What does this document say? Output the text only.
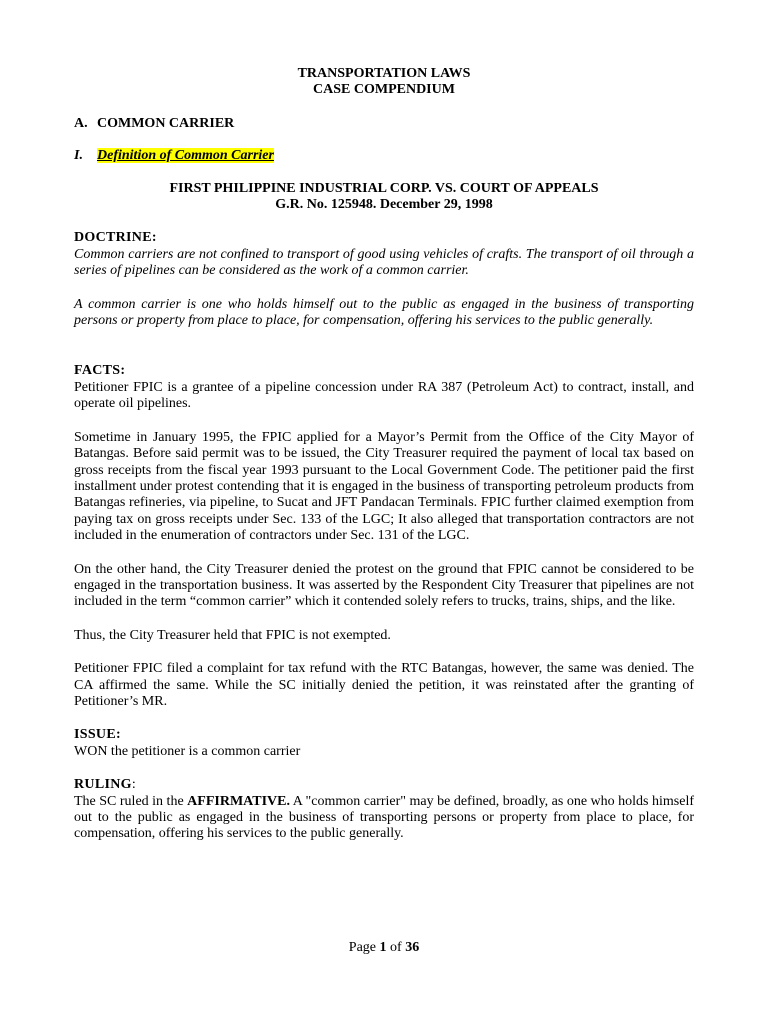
TRANSPORTATION LAWS

CASE COMPENDIUM

A. COMMON CARRIER

I. Definition of Common Carrier

FIRST PHILIPPINE INDUSTRIAL CORP. VS. COURT OF APPEALS

G.R. No. 125948. December 29, 1998

DOCTRINE:

Common carriers are not confined to transport of good using vehicles of crafts. The transport of oil through a series of pipelines can be considered as the work of a common carrier.

A common carrier is one who holds himself out to the public as engaged in the business of transporting persons or property from place to place, for compensation, offering his services to the public generally.

FACTS:

Petitioner FPIC is a grantee of a pipeline concession under RA 387 (Petroleum Act) to contract, install, and operate oil pipelines.

Sometime in January 1995, the FPIC applied for a Mayor’s Permit from the Office of the City Mayor of Batangas. Before said permit was to be issued, the City Treasurer required the payment of local tax based on gross receipts from the fiscal year 1993 pursuant to the Local Government Code. The petitioner paid the first installment under protest contending that it is engaged in the business of transporting petroleum products from Batangas refineries, via pipeline, to Sucat and JFT Pandacan Terminals. FPIC further claimed exemption from paying tax on gross receipts under Sec. 133 of the LGC; It also alleged that transportation contractors are not included in the enumeration of contractors under Sec. 131 of the LGC.

On the other hand, the City Treasurer denied the protest on the ground that FPIC cannot be considered to be engaged in the transportation business. It was asserted by the Respondent City Treasurer that pipelines are not included in the term “common carrier” which it contended solely refers to trucks, trains, ships, and the like.

Thus, the City Treasurer held that FPIC is not exempted.

Petitioner FPIC filed a complaint for tax refund with the RTC Batangas, however, the same was denied. The CA affirmed the same. While the SC initially denied the petition, it was reinstated after the granting of Petitioner’s MR.

ISSUE:

WON the petitioner is a common carrier

RULING:

The SC ruled in the AFFIRMATIVE. A "common carrier" may be defined, broadly, as one who holds himself out to the public as engaged in the business of transporting persons or property from place to place, for compensation, offering his services to the public generally.

Page 1 of 36
